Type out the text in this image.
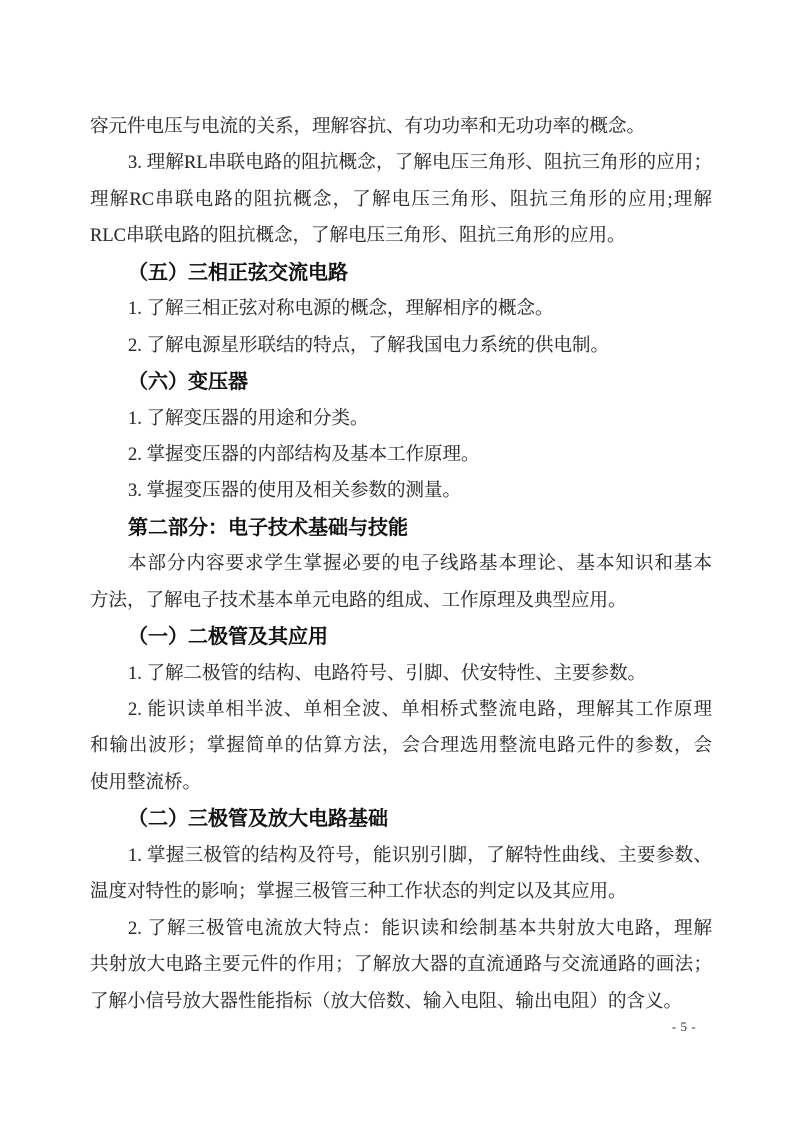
容元件电压与电流的关系，理解容抗、有功功率和无功功率的概念。
3. 理解RL串联电路的阻抗概念，了解电压三角形、阻抗三角形的应用；
理解RC串联电路的阻抗概念，了解电压三角形、阻抗三角形的应用;理解
RLC串联电路的阻抗概念，了解电压三角形、阻抗三角形的应用。
（五）三相正弦交流电路
1. 了解三相正弦对称电源的概念，理解相序的概念。
2. 了解电源星形联结的特点，了解我国电力系统的供电制。
（六）变压器
1. 了解变压器的用途和分类。
2. 掌握变压器的内部结构及基本工作原理。
3. 掌握变压器的使用及相关参数的测量。
第二部分：电子技术基础与技能
本部分内容要求学生掌握必要的电子线路基本理论、基本知识和基本
方法，了解电子技术基本单元电路的组成、工作原理及典型应用。
（一）二极管及其应用
1. 了解二极管的结构、电路符号、引脚、伏安特性、主要参数。
2. 能识读单相半波、单相全波、单相桥式整流电路，理解其工作原理
和输出波形；掌握简单的估算方法，会合理选用整流电路元件的参数，会
使用整流桥。
（二）三极管及放大电路基础
1. 掌握三极管的结构及符号，能识别引脚，了解特性曲线、主要参数、
温度对特性的影响；掌握三极管三种工作状态的判定以及其应用。
2. 了解三极管电流放大特点：能识读和绘制基本共射放大电路，理解
共射放大电路主要元件的作用；了解放大器的直流通路与交流通路的画法；
了解小信号放大器性能指标（放大倍数、输入电阻、输出电阻）的含义。
- 5 -
